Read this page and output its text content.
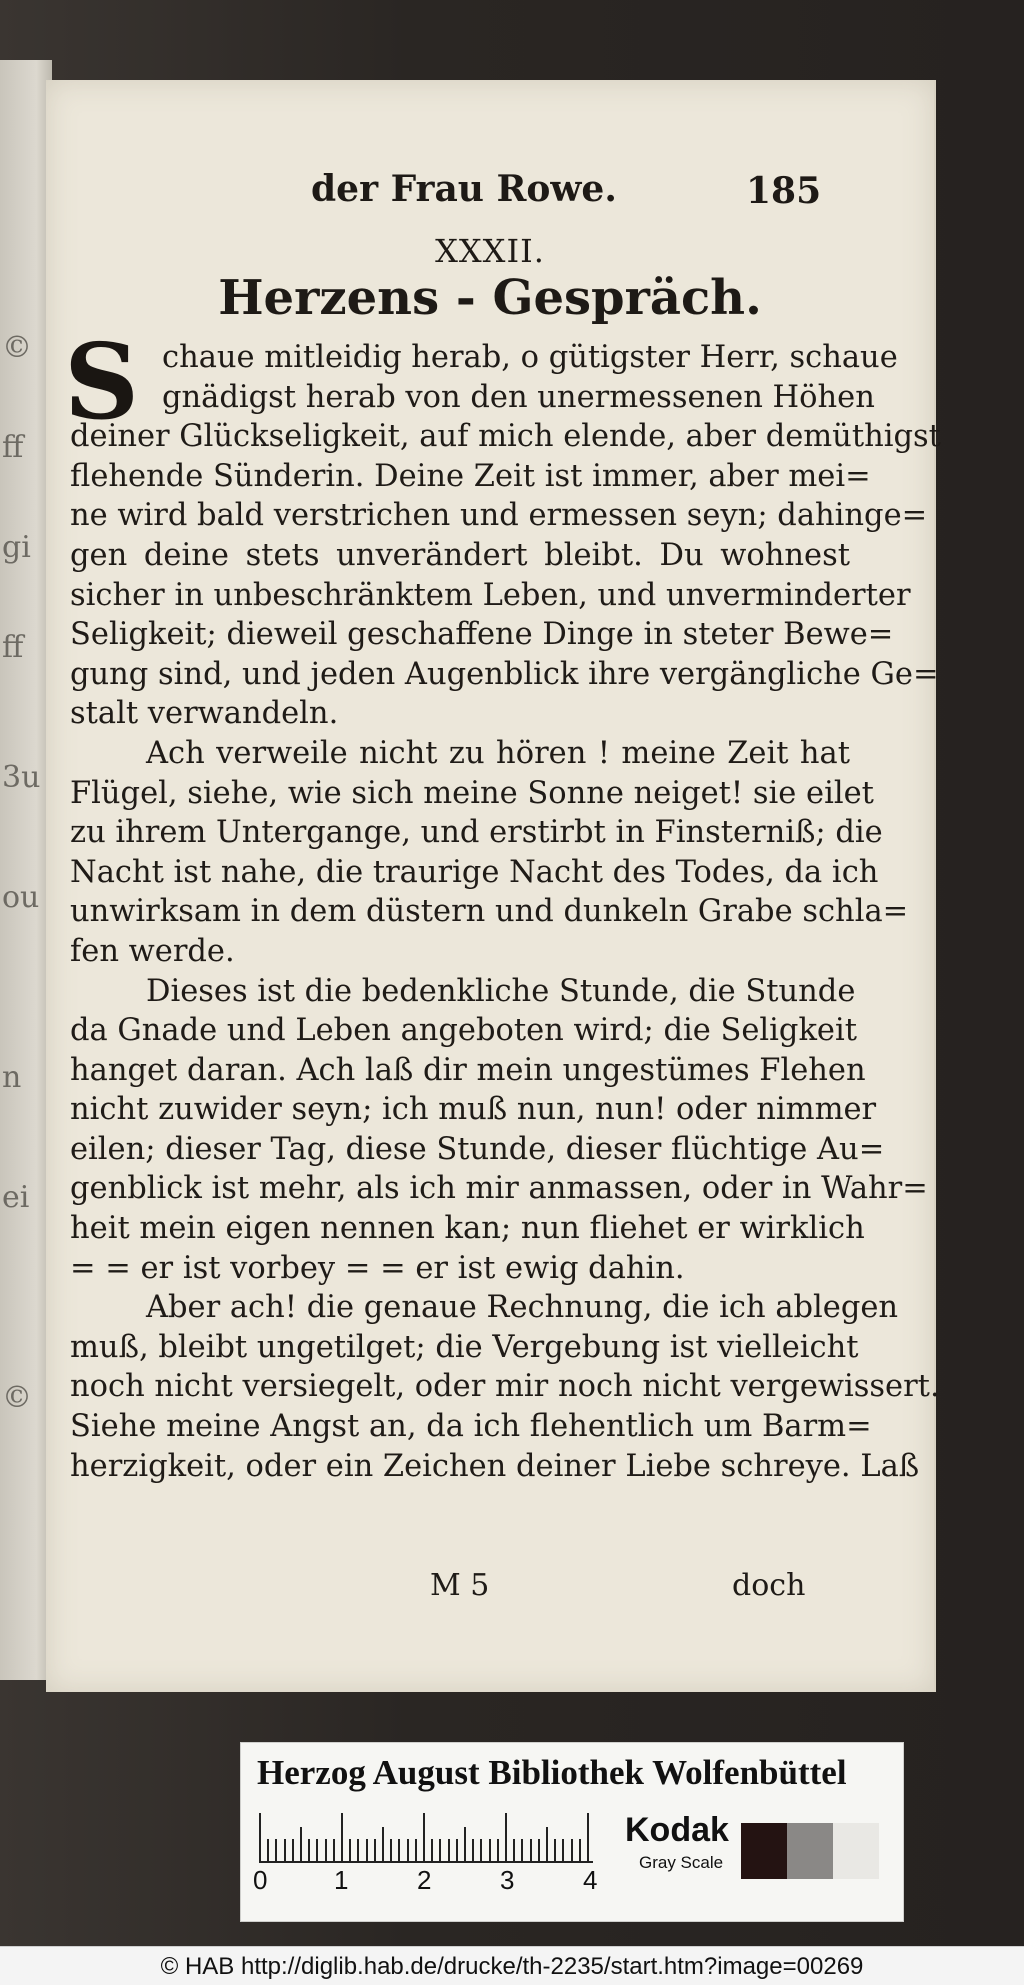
©
ff
gi
ff
3u
ou
n
ei
©
der Frau Rowe.	185
XXXII.
Herzens - Gespräch.
S chaue mitleidig herab, o gütigster Herr, schaue
gnädigst herab von den unermessenen Höhen
deiner Glückseligkeit, auf mich elende, aber demüthigst
flehende Sünderin. Deine Zeit ist immer, aber mei=
ne wird bald verstrichen und ermessen seyn; dahinge=
gen deine stets unverändert bleibt. Du wohnest
sicher in unbeschränktem Leben, und unverminderter
Seligkeit; dieweil geschaffene Dinge in steter Bewe=
gung sind, und jeden Augenblick ihre vergängliche Ge=
stalt verwandeln.
Ach verweile nicht zu hören ! meine Zeit hat
Flügel, siehe, wie sich meine Sonne neiget! sie eilet
zu ihrem Untergange, und erstirbt in Finsterniß; die
Nacht ist nahe, die traurige Nacht des Todes, da ich
unwirksam in dem düstern und dunkeln Grabe schla=
fen werde.
Dieses ist die bedenkliche Stunde, die Stunde
da Gnade und Leben angeboten wird; die Seligkeit
hanget daran. Ach laß dir mein ungestümes Flehen
nicht zuwider seyn; ich muß nun, nun! oder nimmer
eilen; dieser Tag, diese Stunde, dieser flüchtige Au=
genblick ist mehr, als ich mir anmassen, oder in Wahr=
heit mein eigen nennen kan; nun fliehet er wirklich
= = er ist vorbey = = er ist ewig dahin.
Aber ach! die genaue Rechnung, die ich ablegen
muß, bleibt ungetilget; die Vergebung ist vielleicht
noch nicht versiegelt, oder mir noch nicht vergewissert.
Siehe meine Angst an, da ich flehentlich um Barm=
herzigkeit, oder ein Zeichen deiner Liebe schreye. Laß
M 5	doch
Herzog August Bibliothek Wolfenbüttel
0	1	2	3	4
Kodak
Gray Scale
© HAB http://diglib.hab.de/drucke/th-2235/start.htm?image=00269
